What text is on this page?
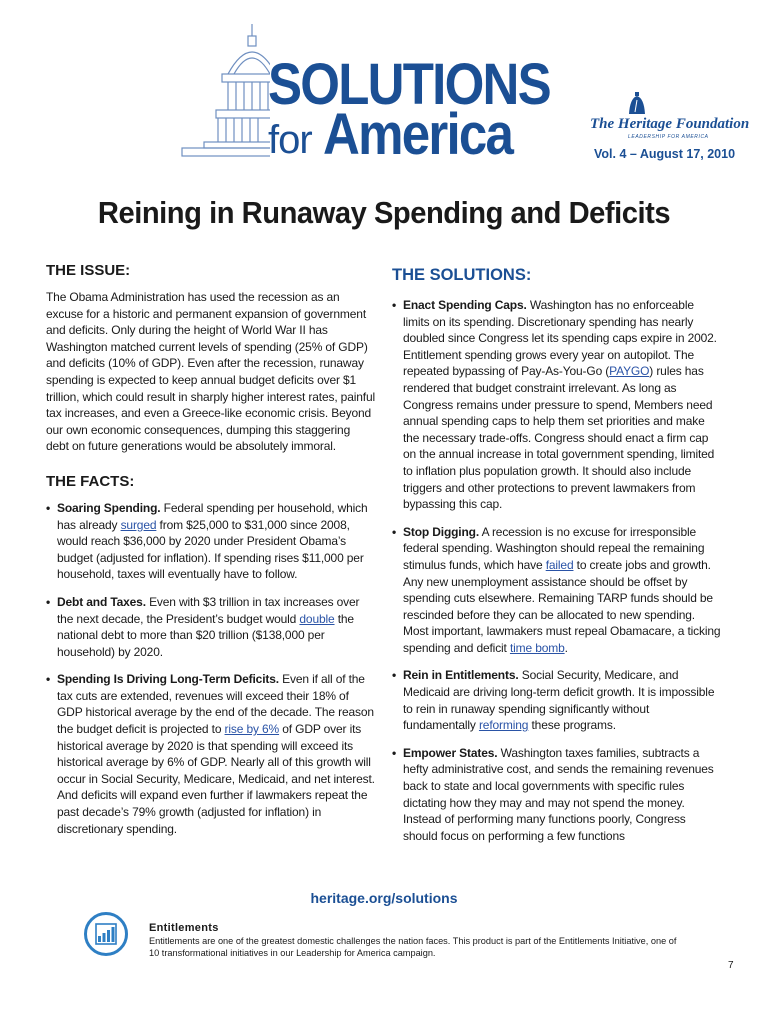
SOLUTIONS
for America	The Heritage Foundation
LEADERSHIP FOR AMERICA
Vol. 4 – August 17, 2010
Reining in Runaway Spending and Deficits
THE ISSUE:

The Obama Administration has used the recession as an excuse for a historic and permanent expansion of government and deficits. Only during the height of World War II has Washington matched current levels of spending (25% of GDP) and deficits (10% of GDP). Even after the recession, runaway spending is expected to keep annual budget deficits over $1 trillion, which could result in sharply higher interest rates, painful tax increases, and even a Greece-like economic crisis. Beyond our own economic consequences, dumping this staggering debt on future generations would be absolutely immoral.

THE FACTS:
• Soaring Spending. Federal spending per household, which has already surged from $25,000 to $31,000 since 2008, would reach $36,000 by 2020 under President Obama’s budget (adjusted for inflation). If spending rises $11,000 per household, taxes will eventually have to follow.
• Debt and Taxes. Even with $3 trillion in tax increases over the next decade, the President’s budget would double the national debt to more than $20 trillion ($138,000 per household) by 2020.
• Spending Is Driving Long-Term Deficits. Even if all of the tax cuts are extended, revenues will exceed their 18% of GDP historical average by the end of the decade. The reason the budget deficit is projected to rise by 6% of GDP over its historical average by 2020 is that spending will exceed its historical average by 6% of GDP. Nearly all of this growth will occur in Social Security, Medicare, Medicaid, and net interest. And deficits will expand even further if lawmakers repeat the past decade’s 79% growth (adjusted for inflation) in discretionary spending.
THE SOLUTIONS:
• Enact Spending Caps. Washington has no enforceable limits on its spending. Discretionary spending has nearly doubled since Congress let its spending caps expire in 2002. Entitlement spending grows every year on autopilot. The repeated bypassing of Pay-As-You-Go (PAYGO) rules has rendered that budget constraint irrelevant. As long as Congress remains under pressure to spend, Members need annual spending caps to help them set priorities and make the necessary trade-offs. Congress should enact a firm cap on the annual increase in total government spending, limited to inflation plus population growth. It should also include triggers and other protections to prevent lawmakers from bypassing this cap.
• Stop Digging. A recession is no excuse for irresponsible federal spending. Washington should repeal the remaining stimulus funds, which have failed to create jobs and growth. Any new unemployment assistance should be offset by spending cuts elsewhere. Remaining TARP funds should be rescinded before they can be allocated to new spending. Most important, lawmakers must repeal Obamacare, a ticking spending and deficit time bomb.
• Rein in Entitlements. Social Security, Medicare, and Medicaid are driving long-term deficit growth. It is impossible to rein in runaway spending significantly without fundamentally reforming these programs.
• Empower States. Washington taxes families, subtracts a hefty administrative cost, and sends the remaining revenues back to state and local governments with specific rules dictating how they may and may not spend the money. Instead of performing many functions poorly, Congress should focus on performing a few functions
heritage.org/solutions
Entitlements
Entitlements are one of the greatest domestic challenges the nation faces. This product is part of the Entitlements Initiative, one of 10 transformational initiatives in our Leadership for America campaign.
7
